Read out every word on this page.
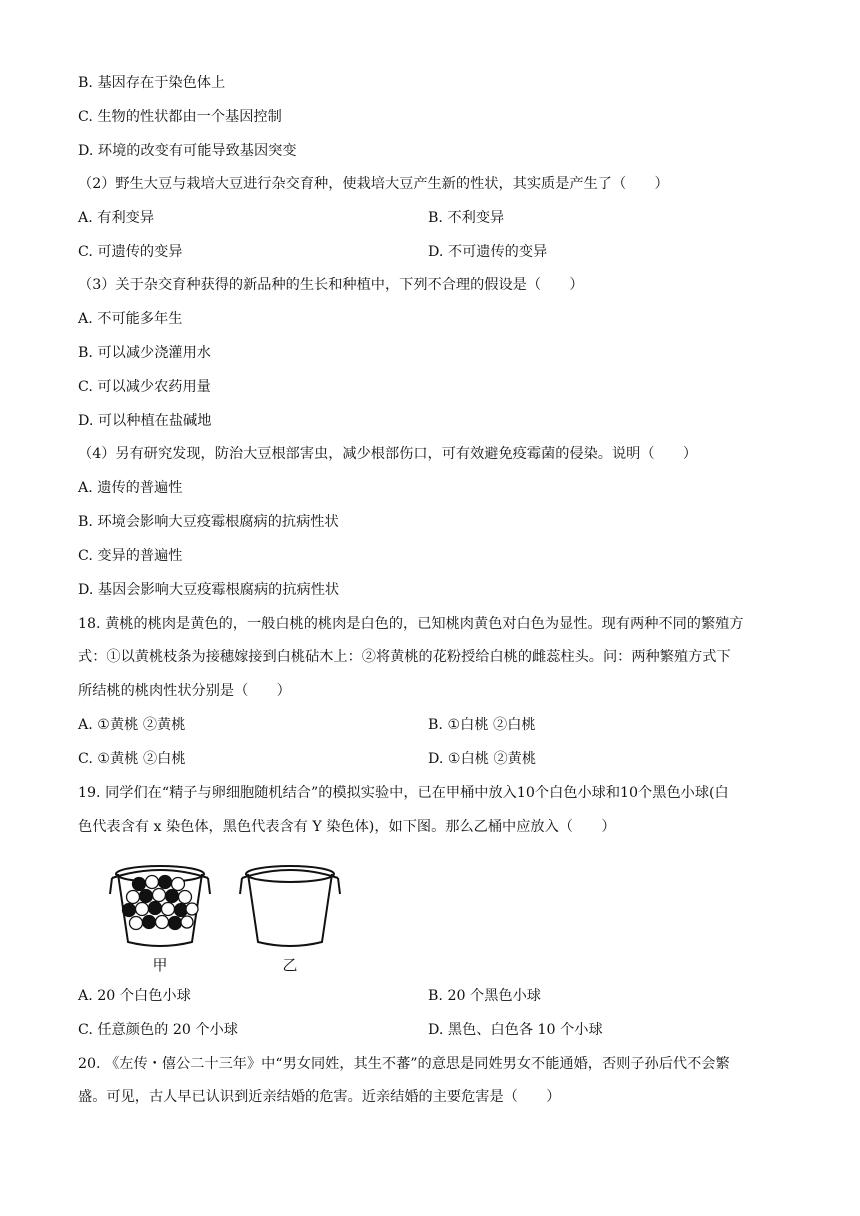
B. 基因存在于染色体上
C. 生物的性状都由一个基因控制
D. 环境的改变有可能导致基因突变
（2）野生大豆与栽培大豆进行杂交育种，使栽培大豆产生新的性状，其实质是产生了（　　）
A. 有利变异	B. 不利变异
C. 可遗传的变异	D. 不可遗传的变异
（3）关于杂交育种获得的新品种的生长和种植中，下列不合理的假设是（　　）
A. 不可能多年生
B. 可以减少浇灌用水
C. 可以减少农药用量
D. 可以种植在盐碱地
（4）另有研究发现，防治大豆根部害虫，减少根部伤口，可有效避免疫霉菌的侵染。说明（　　）
A. 遗传的普遍性
B. 环境会影响大豆疫霉根腐病的抗病性状
C. 变异的普遍性
D. 基因会影响大豆疫霉根腐病的抗病性状
18. 黄桃的桃肉是黄色的，一般白桃的桃肉是白色的，已知桃肉黄色对白色为显性。现有两种不同的繁殖方
式：①以黄桃枝条为接穗嫁接到白桃砧木上：②将黄桃的花粉授给白桃的雌蕊柱头。问：两种繁殖方式下
所结桃的桃肉性状分别是（　　）
A. ①黄桃 ②黄桃	B. ①白桃 ②白桃
C. ①黄桃 ②白桃	D. ①白桃 ②黄桃
19. 同学们在“精子与卵细胞随机结合”的模拟实验中，已在甲桶中放入10个白色小球和10个黑色小球(白
色代表含有 x 染色体，黑色代表含有 Y 染色体)，如下图。那么乙桶中应放入（　　）
甲	乙
A. 20 个白色小球	B. 20 个黑色小球
C. 任意颜色的 20 个小球	D. 黑色、白色各 10 个小球
20. 《左传・僖公二十三年》中“男女同姓，其生不蕃”的意思是同姓男女不能通婚，否则子孙后代不会繁
盛。可见，古人早已认识到近亲结婚的危害。近亲结婚的主要危害是（　　）
